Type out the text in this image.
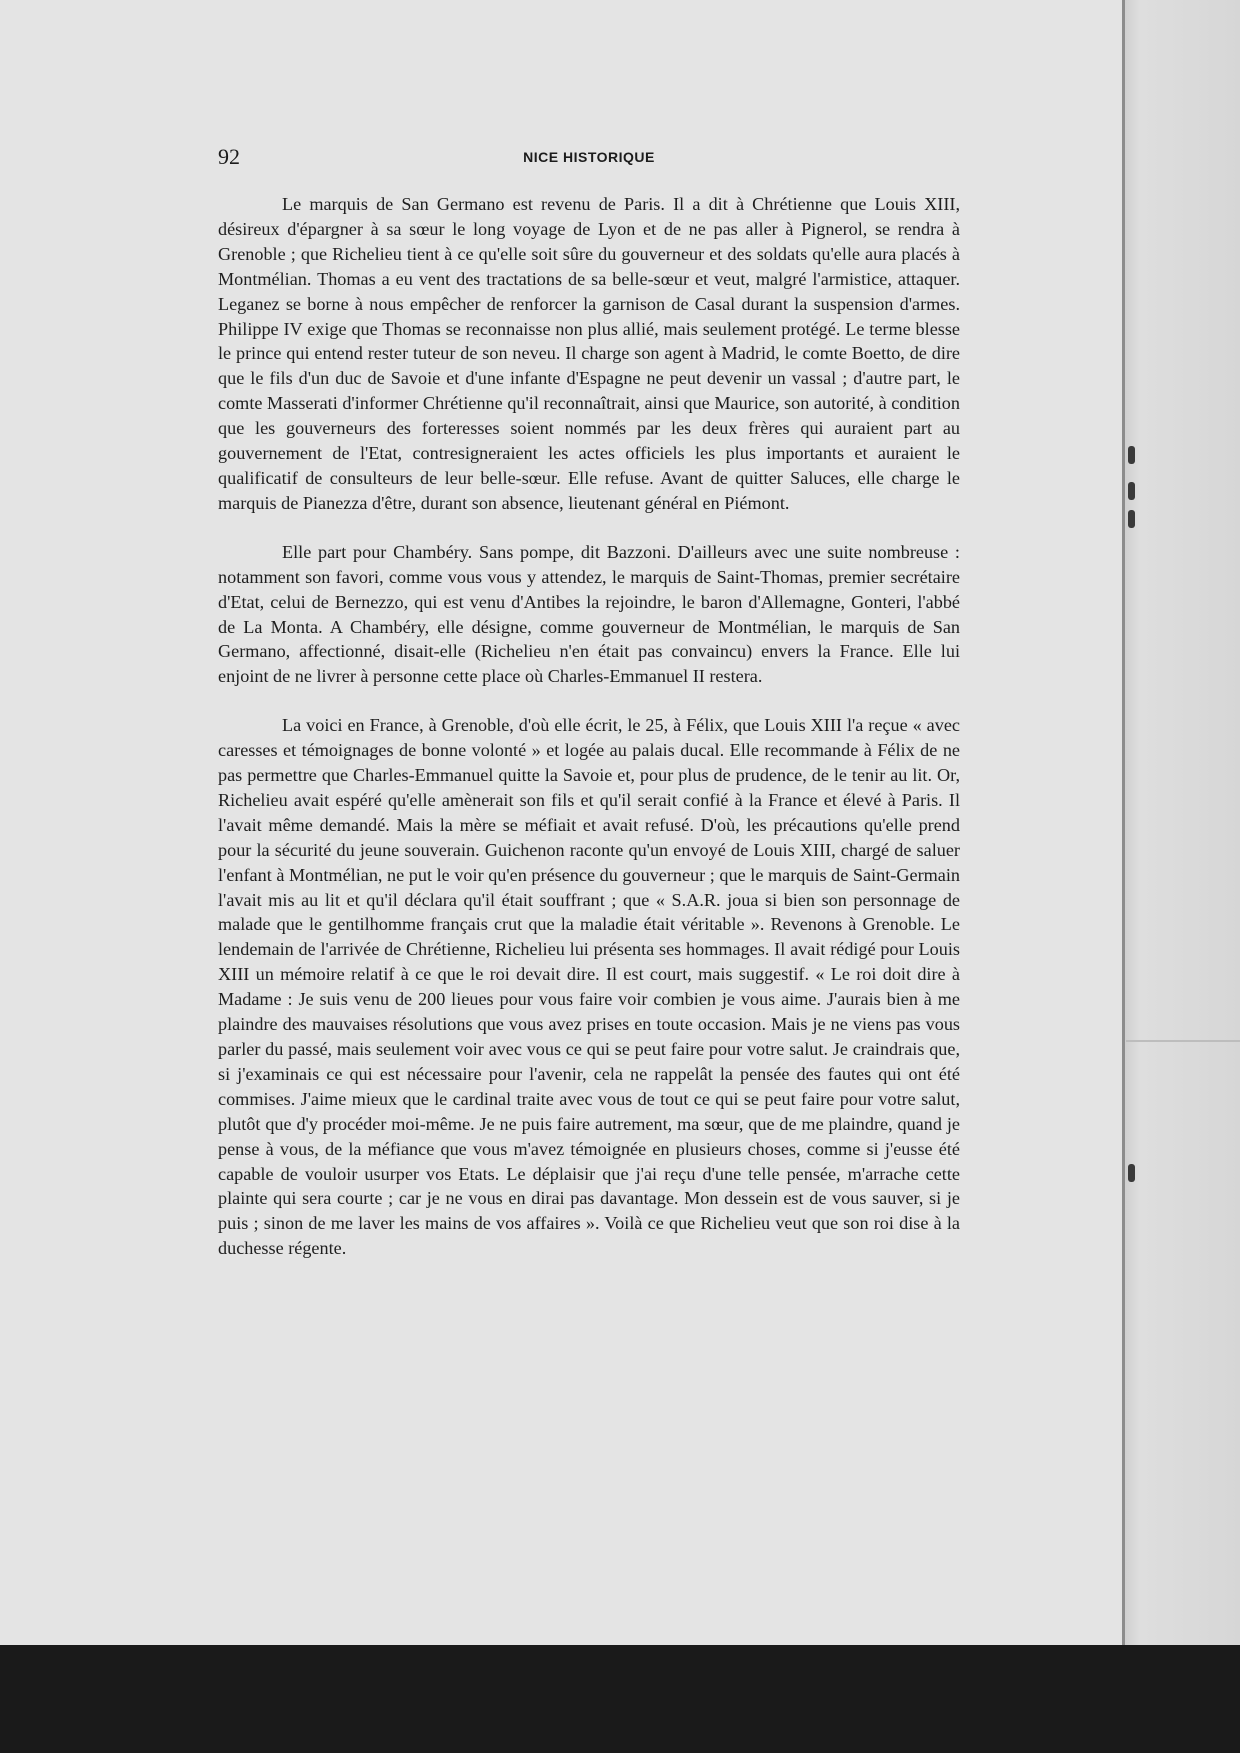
92	NICE HISTORIQUE

Le marquis de San Germano est revenu de Paris. Il a dit à Chrétienne que Louis XIII, désireux d'épargner à sa sœur le long voyage de Lyon et de ne pas aller à Pignerol, se rendra à Grenoble ; que Richelieu tient à ce qu'elle soit sûre du gouverneur et des soldats qu'elle aura placés à Montmélian. Thomas a eu vent des tractations de sa belle-sœur et veut, malgré l'armistice, attaquer. Leganez se borne à nous empêcher de renforcer la garnison de Casal durant la suspension d'armes. Philippe IV exige que Thomas se reconnaisse non plus allié, mais seulement protégé. Le terme blesse le prince qui entend rester tuteur de son neveu. Il charge son agent à Madrid, le comte Boetto, de dire que le fils d'un duc de Savoie et d'une infante d'Espagne ne peut devenir un vassal ; d'autre part, le comte Masserati d'informer Chrétienne qu'il reconnaîtrait, ainsi que Maurice, son autorité, à condition que les gouverneurs des forteresses soient nommés par les deux frères qui auraient part au gouvernement de l'Etat, contresigneraient les actes officiels les plus importants et auraient le qualificatif de consulteurs de leur belle-sœur. Elle refuse. Avant de quitter Saluces, elle charge le marquis de Pianezza d'être, durant son absence, lieutenant général en Piémont.

Elle part pour Chambéry. Sans pompe, dit Bazzoni. D'ailleurs avec une suite nombreuse : notamment son favori, comme vous vous y attendez, le marquis de Saint-Thomas, premier secrétaire d'Etat, celui de Bernezzo, qui est venu d'Antibes la rejoindre, le baron d'Allemagne, Gonteri, l'abbé de La Monta. A Chambéry, elle désigne, comme gouverneur de Montmélian, le marquis de San Germano, affectionné, disait-elle (Richelieu n'en était pas convaincu) envers la France. Elle lui enjoint de ne livrer à personne cette place où Charles-Emmanuel II restera.

La voici en France, à Grenoble, d'où elle écrit, le 25, à Félix, que Louis XIII l'a reçue « avec caresses et témoignages de bonne volonté » et logée au palais ducal. Elle recommande à Félix de ne pas permettre que Charles-Emmanuel quitte la Savoie et, pour plus de prudence, de le tenir au lit. Or, Richelieu avait espéré qu'elle amènerait son fils et qu'il serait confié à la France et élevé à Paris. Il l'avait même demandé. Mais la mère se méfiait et avait refusé. D'où, les précautions qu'elle prend pour la sécurité du jeune souverain. Guichenon raconte qu'un envoyé de Louis XIII, chargé de saluer l'enfant à Montmélian, ne put le voir qu'en présence du gouverneur ; que le marquis de Saint-Germain l'avait mis au lit et qu'il déclara qu'il était souffrant ; que « S.A.R. joua si bien son personnage de malade que le gentilhomme français crut que la maladie était véritable ». Revenons à Grenoble. Le lendemain de l'arrivée de Chrétienne, Richelieu lui présenta ses hommages. Il avait rédigé pour Louis XIII un mémoire relatif à ce que le roi devait dire. Il est court, mais suggestif. « Le roi doit dire à Madame : Je suis venu de 200 lieues pour vous faire voir combien je vous aime. J'aurais bien à me plaindre des mauvaises résolutions que vous avez prises en toute occasion. Mais je ne viens pas vous parler du passé, mais seulement voir avec vous ce qui se peut faire pour votre salut. Je craindrais que, si j'examinais ce qui est nécessaire pour l'avenir, cela ne rappelât la pensée des fautes qui ont été commises. J'aime mieux que le cardinal traite avec vous de tout ce qui se peut faire pour votre salut, plutôt que d'y procéder moi-même. Je ne puis faire autrement, ma sœur, que de me plaindre, quand je pense à vous, de la méfiance que vous m'avez témoignée en plusieurs choses, comme si j'eusse été capable de vouloir usurper vos Etats. Le déplaisir que j'ai reçu d'une telle pensée, m'arrache cette plainte qui sera courte ; car je ne vous en dirai pas davantage. Mon dessein est de vous sauver, si je puis ; sinon de me laver les mains de vos affaires ». Voilà ce que Richelieu veut que son roi dise à la duchesse régente.
